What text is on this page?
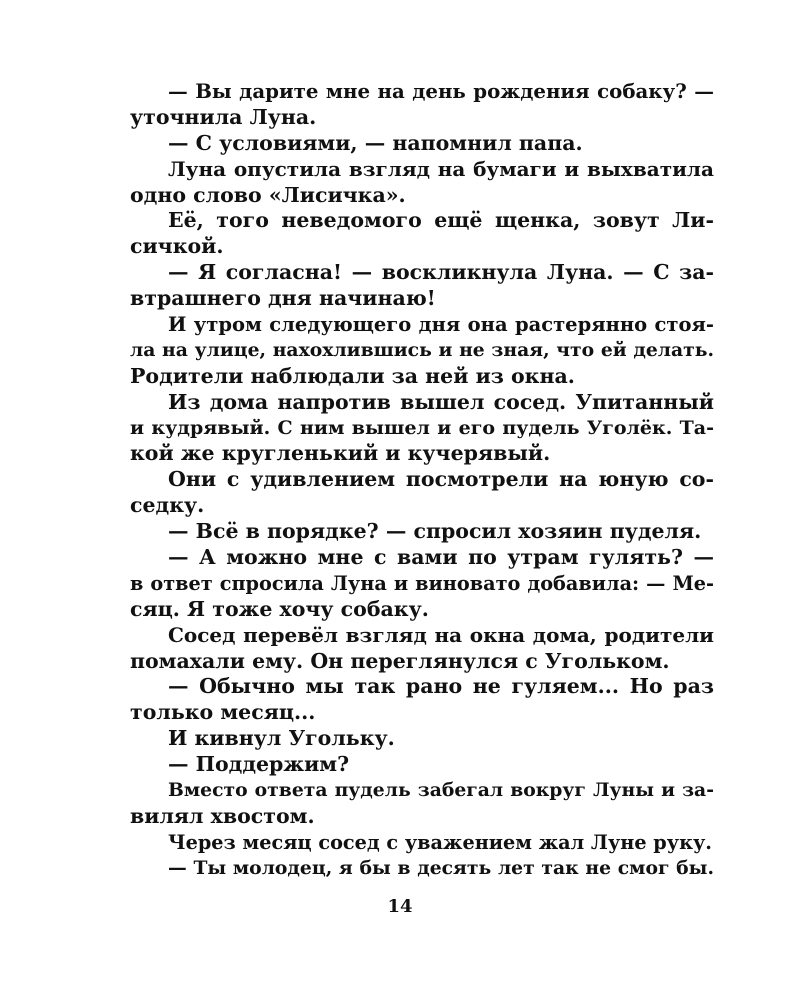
— Вы дарите мне на день рождения собаку? —
уточнила Луна.
— С условиями, — напомнил папа.
Луна опустила взгляд на бумаги и выхватила
одно слово «Лисичка».
Её, того неведомого ещё щенка, зовут Ли-
сичкой.
— Я согласна! — воскликнула Луна. — С за-
втрашнего дня начинаю!
И утром следующего дня она растерянно стоя-
ла на улице, нахохлившись и не зная, что ей делать.
Родители наблюдали за ней из окна.
Из дома напротив вышел сосед. Упитанный
и кудрявый. С ним вышел и его пудель Уголёк. Та-
кой же кругленький и кучерявый.
Они с удивлением посмотрели на юную со-
седку.
— Всё в порядке? — спросил хозяин пуделя.
— А можно мне с вами по утрам гулять? —
в ответ спросила Луна и виновато добавила: — Ме-
сяц. Я тоже хочу собаку.
Сосед перевёл взгляд на окна дома, родители
помахали ему. Он переглянулся с Угольком.
— Обычно мы так рано не гуляем... Но раз
только месяц...
И кивнул Угольку.
— Поддержим?
Вместо ответа пудель забегал вокруг Луны и за-
вилял хвостом.
Через месяц сосед с уважением жал Луне руку.
— Ты молодец, я бы в десять лет так не смог бы.
14
